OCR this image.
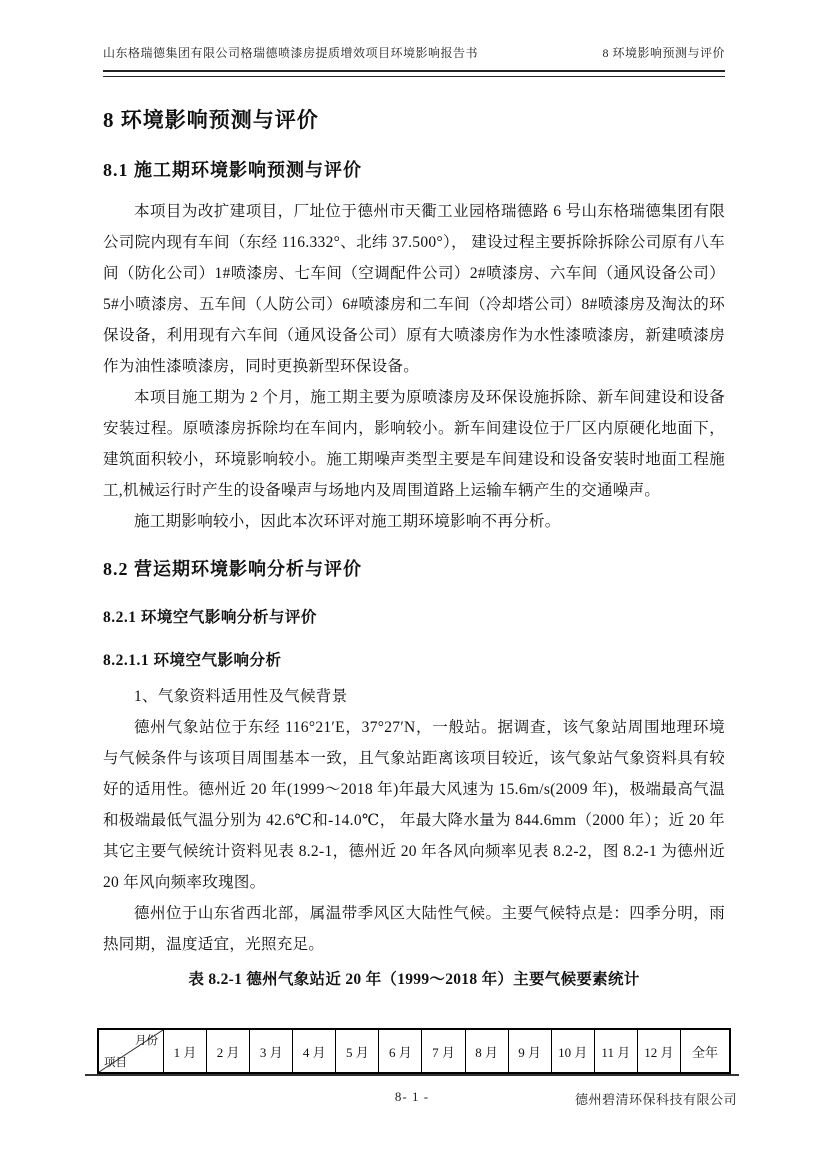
山东格瑞德集团有限公司格瑞德喷漆房提质增效项目环境影响报告书	8 环境影响预测与评价
8 环境影响预测与评价
8.1 施工期环境影响预测与评价

本项目为改扩建项目，厂址位于德州市天衢工业园格瑞德路 6 号山东格瑞德集团有限公司院内现有车间（东经 116.332°、北纬 37.500°）， 建设过程主要拆除拆除公司原有八车间（防化公司）1#喷漆房、七车间（空调配件公司）2#喷漆房、六车间（通风设备公司）5#小喷漆房、五车间（人防公司）6#喷漆房和二车间（冷却塔公司）8#喷漆房及淘汰的环保设备，利用现有六车间（通风设备公司）原有大喷漆房作为水性漆喷漆房，新建喷漆房作为油性漆喷漆房，同时更换新型环保设备。

本项目施工期为 2 个月，施工期主要为原喷漆房及环保设施拆除、新车间建设和设备安装过程。原喷漆房拆除均在车间内，影响较小。新车间建设位于厂区内原硬化地面下，建筑面积较小，环境影响较小。施工期噪声类型主要是车间建设和设备安装时地面工程施工,机械运行时产生的设备噪声与场地内及周围道路上运输车辆产生的交通噪声。

施工期影响较小，因此本次环评对施工期环境影响不再分析。

8.2 营运期环境影响分析与评价
8.2.1 环境空气影响分析与评价
8.2.1.1 环境空气影响分析

1、气象资料适用性及气候背景

德州气象站位于东经 116°21′E，37°27′N，一般站。据调查，该气象站周围地理环境与气候条件与该项目周围基本一致，且气象站距离该项目较近，该气象站气象资料具有较好的适用性。德州近 20 年(1999～2018 年)年最大风速为 15.6m/s(2009 年)，极端最高气温和极端最低气温分别为 42.6℃和-14.0℃， 年最大降水量为 844.6mm（2000 年）；近 20 年其它主要气候统计资料见表 8.2-1，德州近 20 年各风向频率见表 8.2-2，图 8.2-1 为德州近 20 年风向频率玫瑰图。

德州位于山东省西北部，属温带季风区大陆性气候。主要气候特点是：四季分明，雨热同期，温度适宜，光照充足。

表 8.2-1 德州气象站近 20 年（1999～2018 年）主要气候要素统计
月份
项目
	1 月	2 月	3 月	4 月	5 月	6 月	7 月	8 月	9 月	10 月	11 月	12 月	全年
8- 1 -	德州碧清环保科技有限公司
